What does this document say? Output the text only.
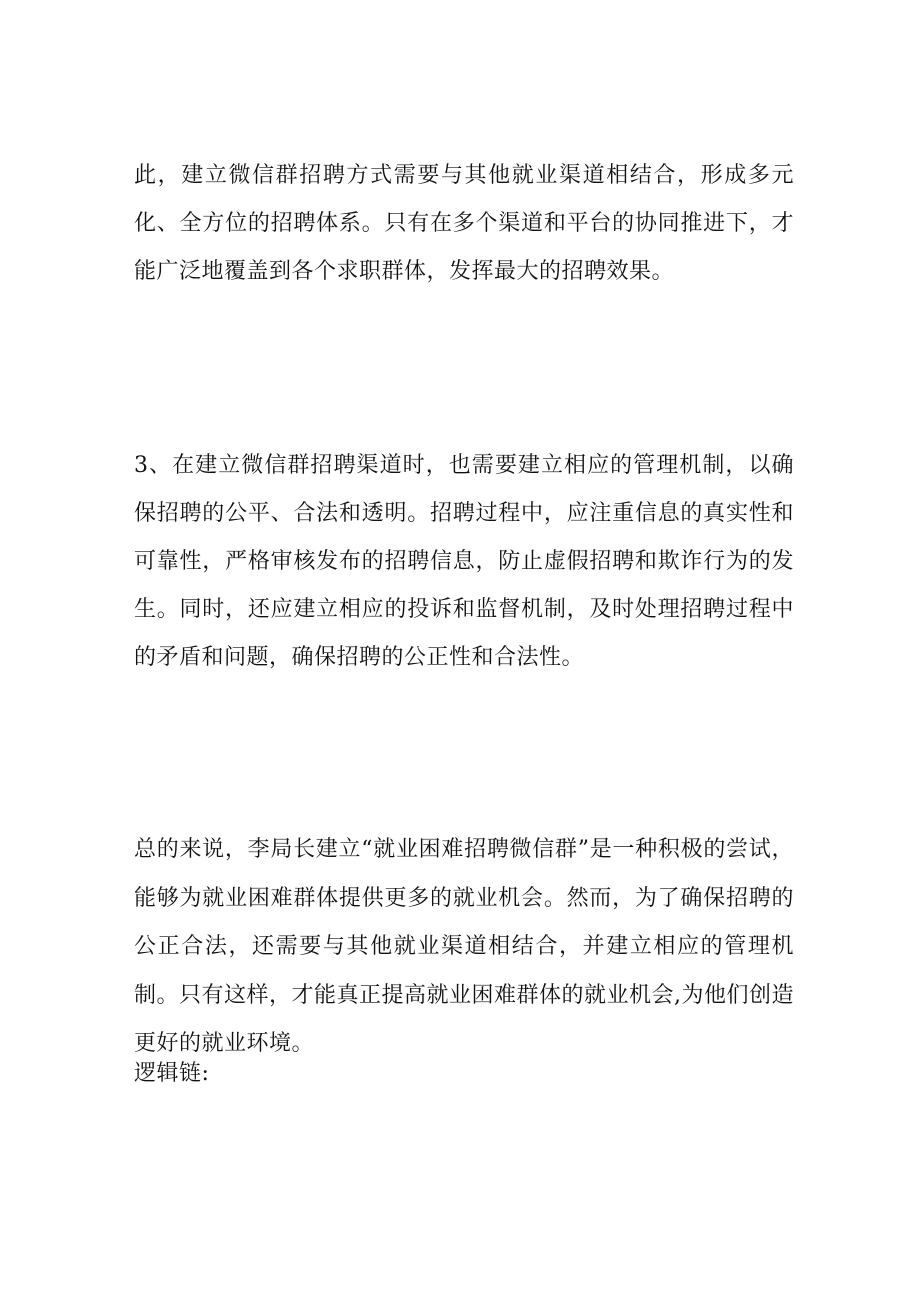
此，建立微信群招聘方式需要与其他就业渠道相结合，形成多元化、全方位的招聘体系。只有在多个渠道和平台的协同推进下，才能广泛地覆盖到各个求职群体，发挥最大的招聘效果。

3、在建立微信群招聘渠道时，也需要建立相应的管理机制，以确保招聘的公平、合法和透明。招聘过程中，应注重信息的真实性和可靠性，严格审核发布的招聘信息，防止虚假招聘和欺诈行为的发生。同时，还应建立相应的投诉和监督机制，及时处理招聘过程中的矛盾和问题，确保招聘的公正性和合法性。

总的来说，李局长建立“就业困难招聘微信群”是一种积极的尝试，能够为就业困难群体提供更多的就业机会。然而，为了确保招聘的公正合法，还需要与其他就业渠道相结合，并建立相应的管理机制。只有这样，才能真正提高就业困难群体的就业机会,为他们创造更好的就业环境。

逻辑链:
